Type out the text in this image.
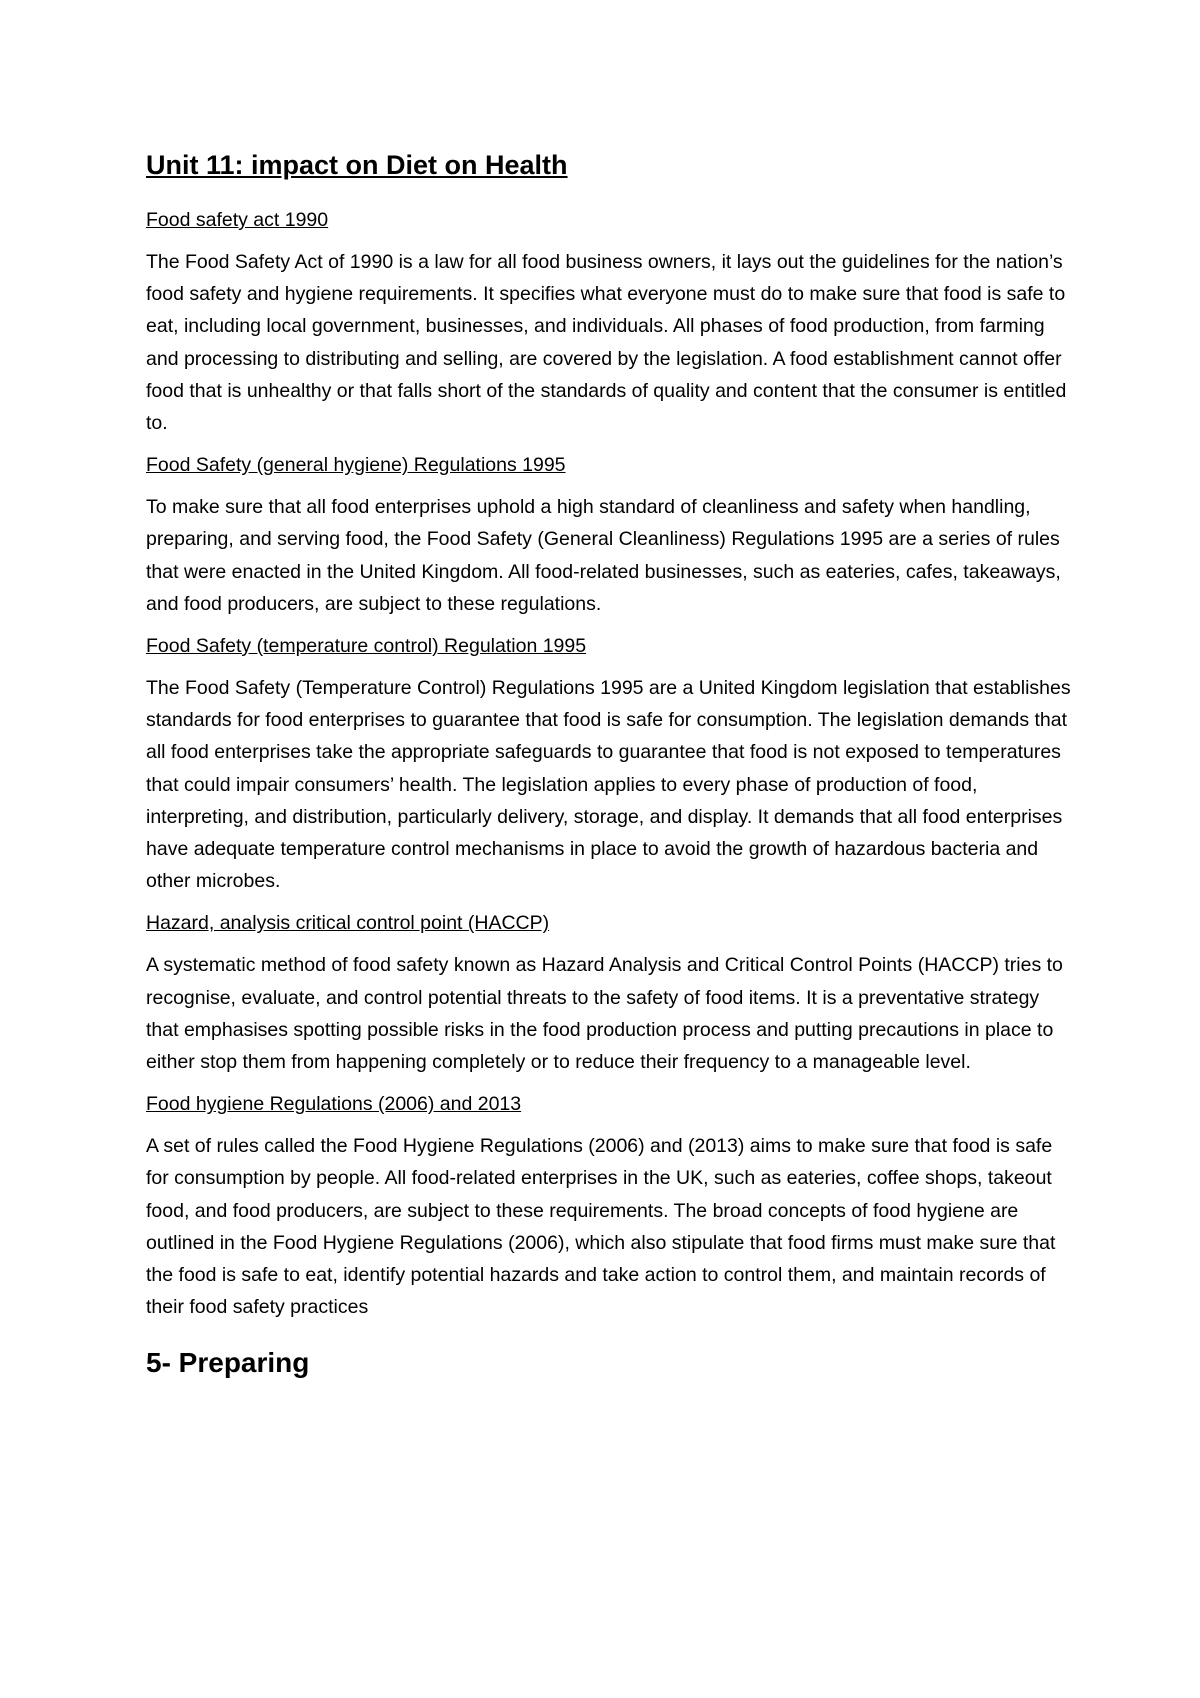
Unit 11: impact on Diet on Health

Food safety act 1990

The Food Safety Act of 1990 is a law for all food business owners, it lays out the guidelines for the nation’s food safety and hygiene requirements. It specifies what everyone must do to make sure that food is safe to eat, including local government, businesses, and individuals. All phases of food production, from farming and processing to distributing and selling, are covered by the legislation. A food establishment cannot offer food that is unhealthy or that falls short of the standards of quality and content that the consumer is entitled to.

Food Safety (general hygiene) Regulations 1995

To make sure that all food enterprises uphold a high standard of cleanliness and safety when handling, preparing, and serving food, the Food Safety (General Cleanliness) Regulations 1995 are a series of rules that were enacted in the United Kingdom. All food-related businesses, such as eateries, cafes, takeaways, and food producers, are subject to these regulations.

Food Safety (temperature control) Regulation 1995

The Food Safety (Temperature Control) Regulations 1995 are a United Kingdom legislation that establishes standards for food enterprises to guarantee that food is safe for consumption. The legislation demands that all food enterprises take the appropriate safeguards to guarantee that food is not exposed to temperatures that could impair consumers’ health. The legislation applies to every phase of production of food, interpreting, and distribution, particularly delivery, storage, and display. It demands that all food enterprises have adequate temperature control mechanisms in place to avoid the growth of hazardous bacteria and other microbes.

Hazard, analysis critical control point (HACCP)

A systematic method of food safety known as Hazard Analysis and Critical Control Points (HACCP) tries to recognise, evaluate, and control potential threats to the safety of food items. It is a preventative strategy that emphasises spotting possible risks in the food production process and putting precautions in place to either stop them from happening completely or to reduce their frequency to a manageable level.

Food hygiene Regulations (2006) and 2013

A set of rules called the Food Hygiene Regulations (2006) and (2013) aims to make sure that food is safe for consumption by people. All food-related enterprises in the UK, such as eateries, coffee shops, takeout food, and food producers, are subject to these requirements. The broad concepts of food hygiene are outlined in the Food Hygiene Regulations (2006), which also stipulate that food firms must make sure that the food is safe to eat, identify potential hazards and take action to control them, and maintain records of their food safety practices

5- Preparing
